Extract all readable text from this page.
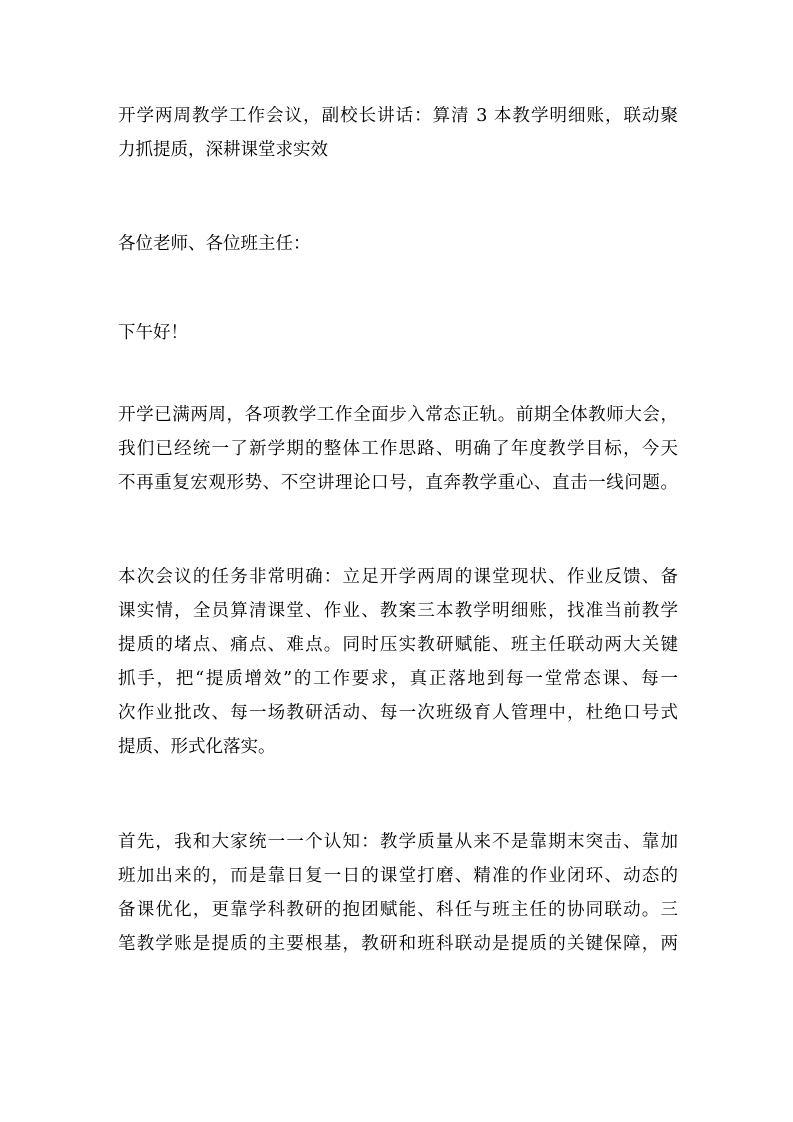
开学两周教学工作会议，副校长讲话：算清 3 本教学明细账，联动聚
力抓提质，深耕课堂求实效
各位老师、各位班主任：
下午好！
开学已满两周，各项教学工作全面步入常态正轨。前期全体教师大会，
我们已经统一了新学期的整体工作思路、明确了年度教学目标，今天
不再重复宏观形势、不空讲理论口号，直奔教学重心、直击一线问题。
本次会议的任务非常明确：立足开学两周的课堂现状、作业反馈、备
课实情，全员算清课堂、作业、教案三本教学明细账，找准当前教学
提质的堵点、痛点、难点。同时压实教研赋能、班主任联动两大关键
抓手，把“提质增效”的工作要求，真正落地到每一堂常态课、每一
次作业批改、每一场教研活动、每一次班级育人管理中，杜绝口号式
提质、形式化落实。
首先，我和大家统一一个认知：教学质量从来不是靠期末突击、靠加
班加出来的，而是靠日复一日的课堂打磨、精准的作业闭环、动态的
备课优化，更靠学科教研的抱团赋能、科任与班主任的协同联动。三
笔教学账是提质的主要根基，教研和班科联动是提质的关键保障，两
